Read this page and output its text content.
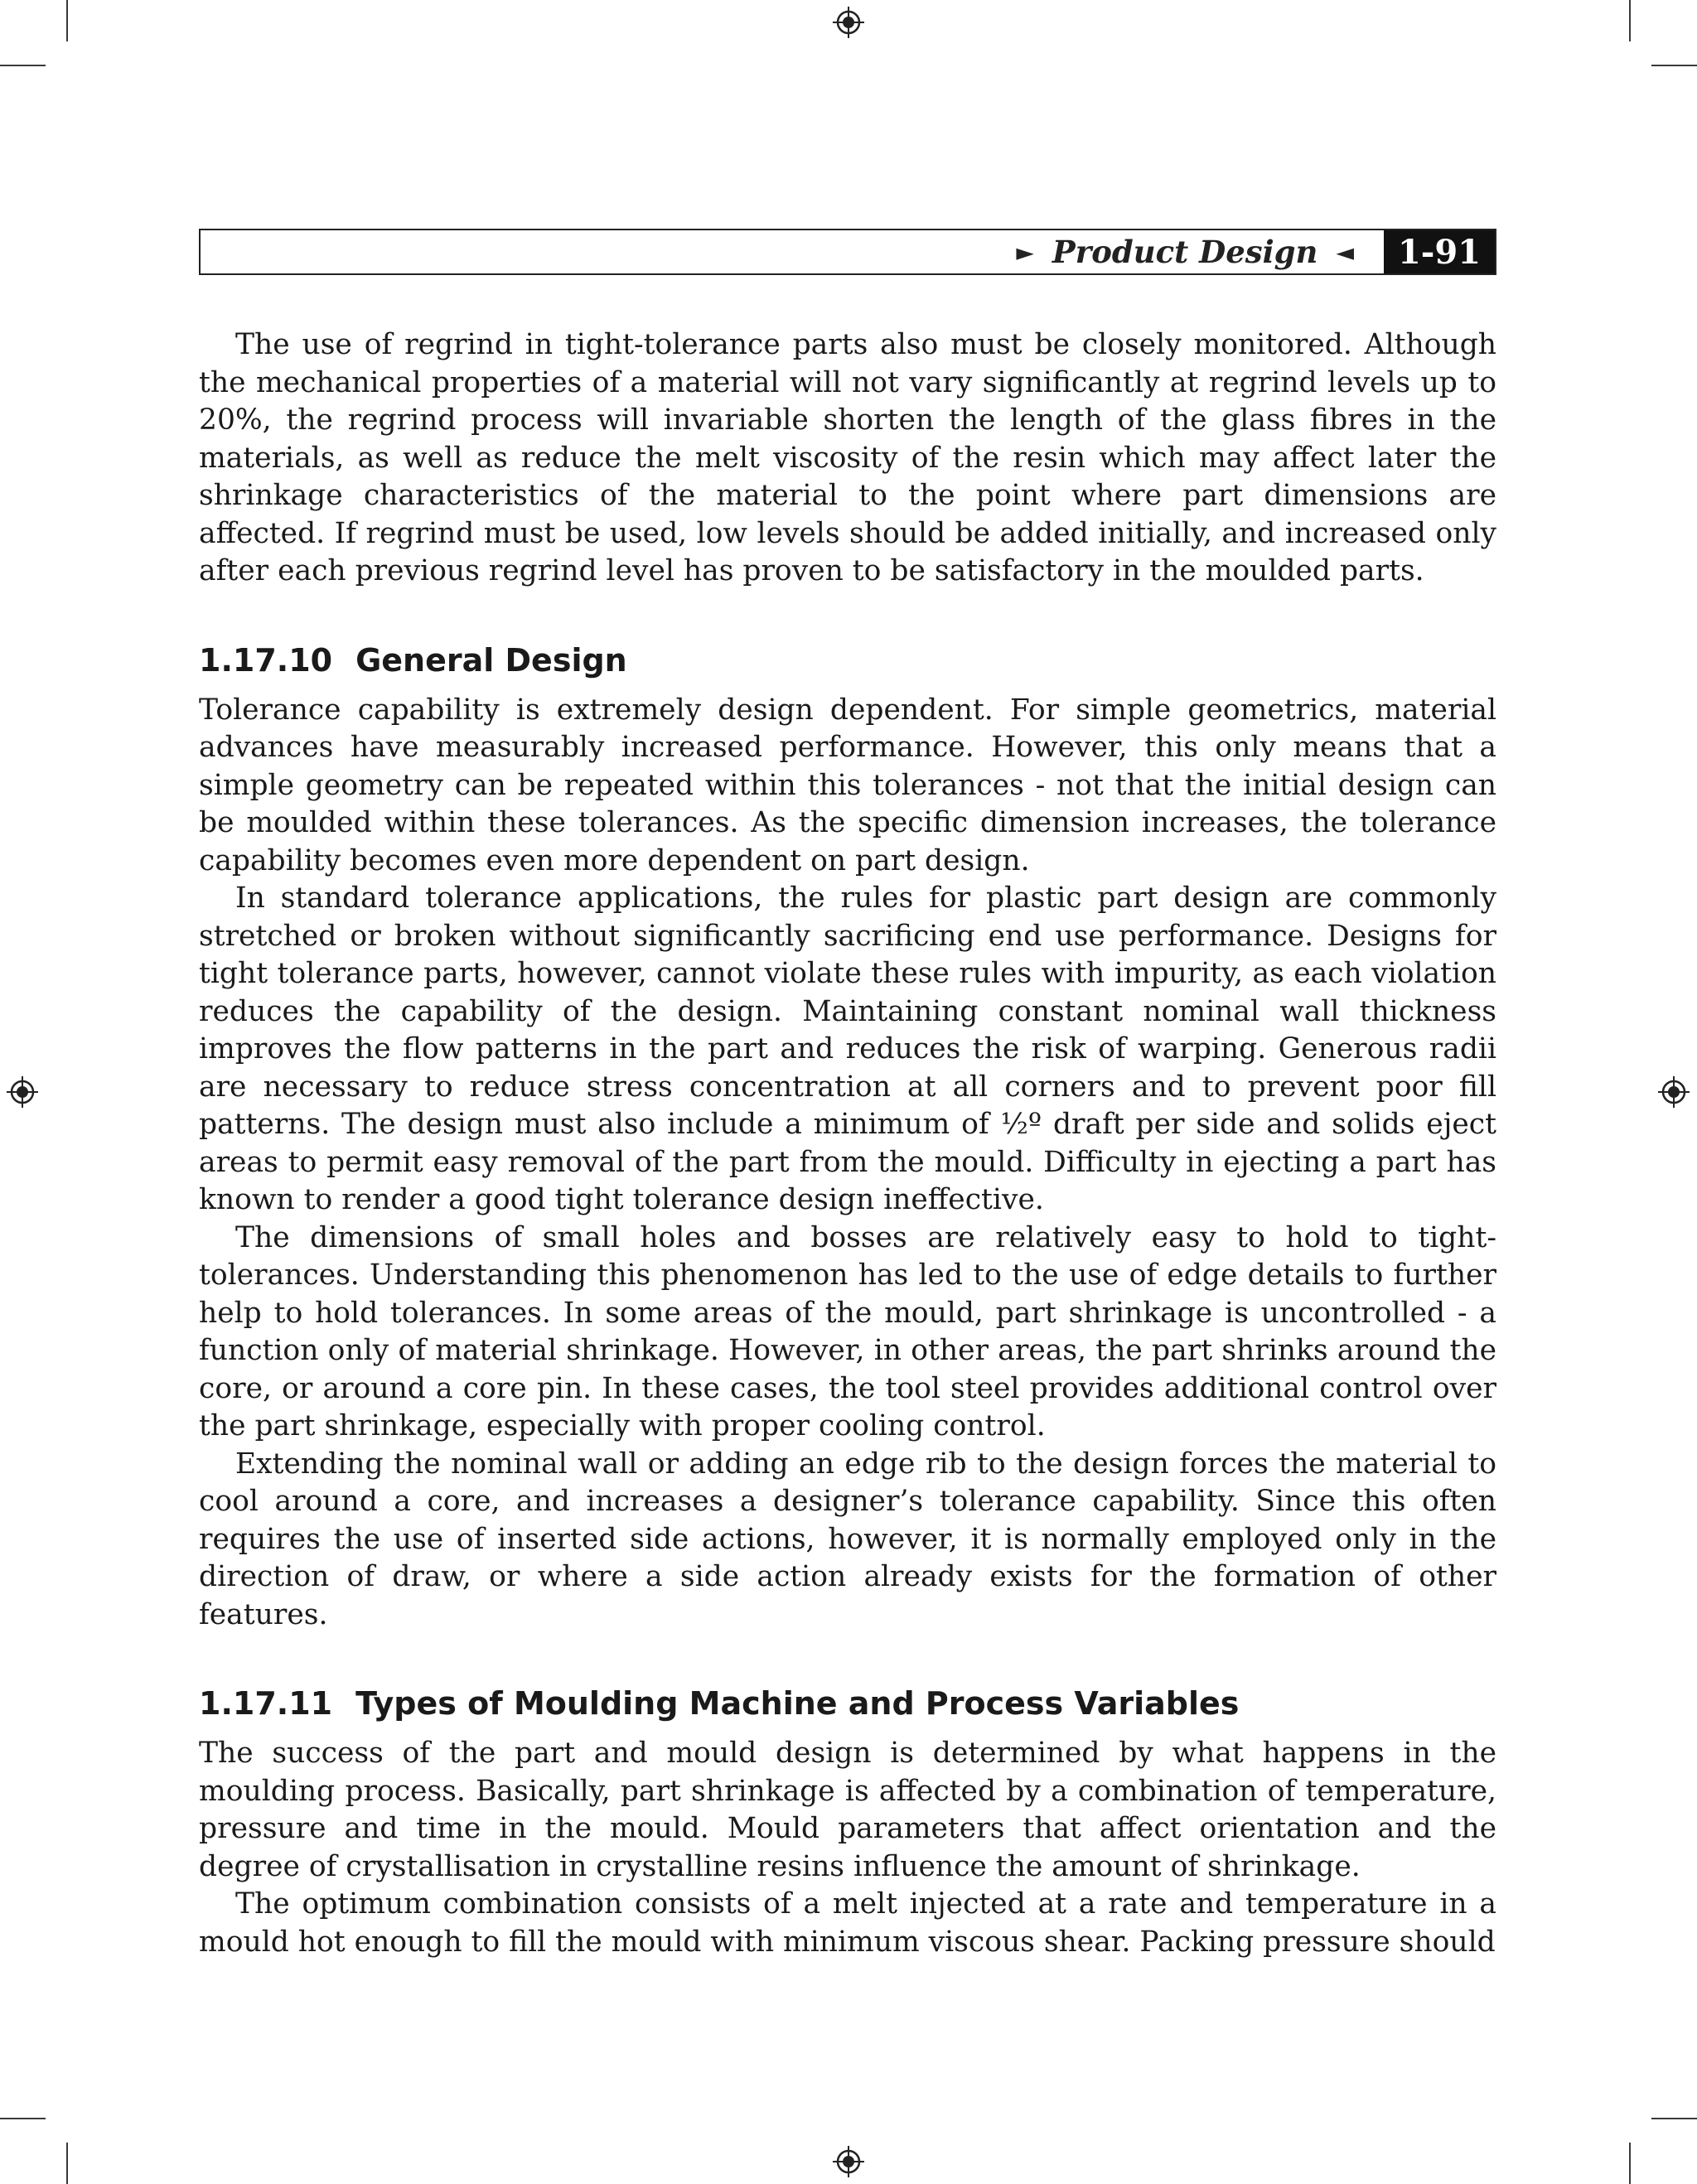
► Product Design ◄	1-91

The use of regrind in tight-tolerance parts also must be closely monitored. Although the mechanical properties of a material will not vary significantly at regrind levels up to 20%, the regrind process will invariable shorten the length of the glass fibres in the materials, as well as reduce the melt viscosity of the resin which may affect later the shrinkage characteristics of the material to the point where part dimensions are affected. If regrind must be used, low levels should be added initially, and increased only after each previous regrind level has proven to be satisfactory in the moulded parts.

1.17.10 General Design

Tolerance capability is extremely design dependent. For simple geometrics, material advances have measurably increased performance. However, this only means that a simple geometry can be repeated within this tolerances - not that the initial design can be moulded within these tolerances. As the specific dimension increases, the tolerance capability becomes even more dependent on part design.

In standard tolerance applications, the rules for plastic part design are commonly stretched or broken without significantly sacrificing end use performance. Designs for tight tolerance parts, however, cannot violate these rules with impurity, as each violation reduces the capability of the design. Maintaining constant nominal wall thickness improves the flow patterns in the part and reduces the risk of warping. Generous radii are necessary to reduce stress concentration at all corners and to prevent poor fill patterns. The design must also include a minimum of ½º draft per side and solids eject areas to permit easy removal of the part from the mould. Difficulty in ejecting a part has known to render a good tight tolerance design ineffective.

The dimensions of small holes and bosses are relatively easy to hold to tight-tolerances. Understanding this phenomenon has led to the use of edge details to further help to hold tolerances. In some areas of the mould, part shrinkage is uncontrolled - a function only of material shrinkage. However, in other areas, the part shrinks around the core, or around a core pin. In these cases, the tool steel provides additional control over the part shrinkage, especially with proper cooling control.

Extending the nominal wall or adding an edge rib to the design forces the material to cool around a core, and increases a designer’s tolerance capability. Since this often requires the use of inserted side actions, however, it is normally employed only in the direction of draw, or where a side action already exists for the formation of other features.

1.17.11 Types of Moulding Machine and Process Variables

The success of the part and mould design is determined by what happens in the moulding process. Basically, part shrinkage is affected by a combination of temperature, pressure and time in the mould. Mould parameters that affect orientation and the degree of crystallisation in crystalline resins influence the amount of shrinkage.

The optimum combination consists of a melt injected at a rate and temperature in a mould hot enough to fill the mould with minimum viscous shear. Packing pressure should
